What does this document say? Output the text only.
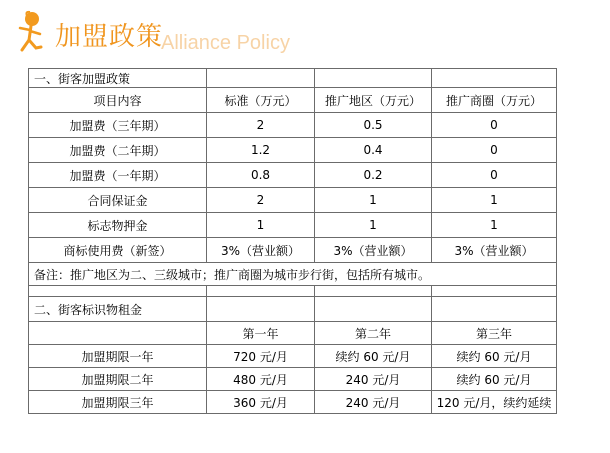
加盟政策
Alliance Policy
一、街客加盟政策			
项目内容	标准（万元）	推广地区（万元）	推广商圈（万元）
加盟费（三年期）	2	0.5	0
加盟费（二年期）	1.2	0.4	0
加盟费（一年期）	0.8	0.2	0
合同保证金	2	1	1
标志物押金	1	1	1
商标使用费（新签）	3%（营业额）	3%（营业额）	3%（营业额）
备注：推广地区为二、三级城市；推广商圈为城市步行街，包括所有城市。			

二、街客标识物租金			
	第一年	第二年	第三年
加盟期限一年	720 元/月	续约 60 元/月	续约 60 元/月
加盟期限二年	480 元/月	240 元/月	续约 60 元/月
加盟期限三年	360 元/月	240 元/月	120 元/月，续约延续
